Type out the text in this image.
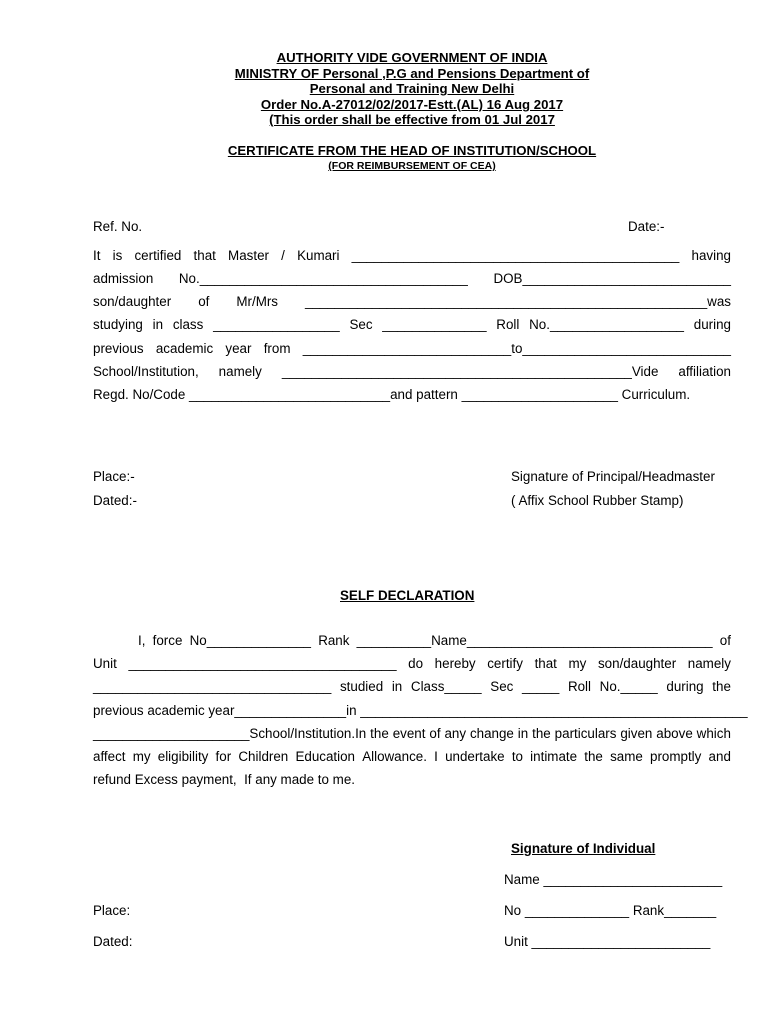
AUTHORITY VIDE GOVERNMENT OF INDIA
MINISTRY OF Personal ,P.G and Pensions Department of
Personal and Training New Delhi
Order No.A-27012/02/2017-Estt.(AL) 16 Aug 2017
(This order shall be effective from 01 Jul 2017
CERTIFICATE FROM THE HEAD OF INSTITUTION/SCHOOL
(FOR REIMBURSEMENT OF CEA)
Ref. No.	Date:-
It is certified that Master / Kumari ____________________________________________ having
admission No.____________________________________ DOB____________________________
son/daughter of Mr/Mrs ______________________________________________________was
studying in class _________________ Sec ______________ Roll No.__________________ during
previous academic year from ____________________________to____________________________
School/Institution, namely _______________________________________________Vide affiliation
Regd. No/Code ___________________________and pattern _____________________ Curriculum.
Place:-	Signature of Principal/Headmaster
Dated:-	( Affix School Rubber Stamp)
SELF DECLARATION
I, force No______________ Rank __________Name_________________________________ of
Unit ____________________________________ do hereby certify that my son/daughter namely
________________________________ studied in Class_____ Sec _____ Roll No._____ during the
previous academic year_______________in ____________________________________________________
_____________________School/Institution.In the event of any change in the particulars given above which
affect my eligibility for Children Education Allowance. I undertake to intimate the same promptly and
refund Excess payment,  If any made to me.
Signature of Individual
Name ________________________
Place:	No ______________ Rank_______
Dated:	Unit ________________________
